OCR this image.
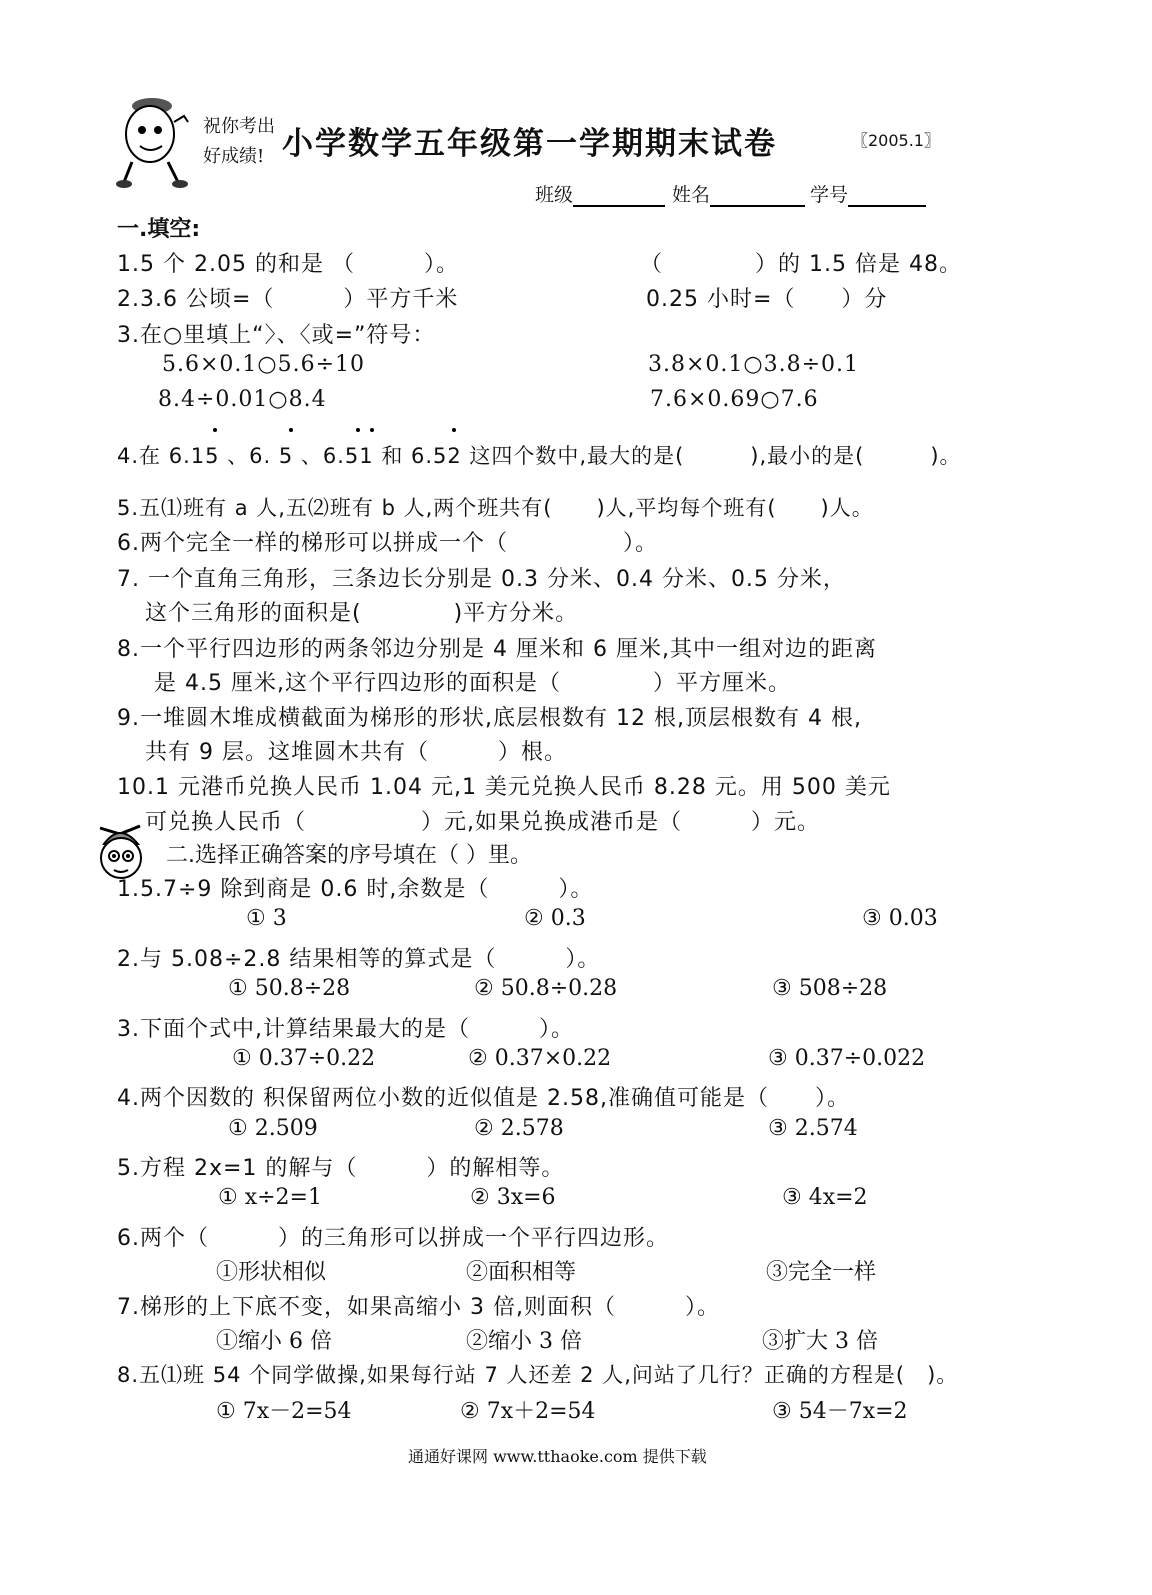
祝你考出
好成绩! 小学数学五年级第一学期期末试卷	〖2005.1〗
班级	姓名	学号
一.填空:
1.5 个 2.05 的和是 （　　　）。	（　　　　）的 1.5 倍是 48。
2.3.6 公顷=（　　　）平方千米	0.25 小时=（　　）分
3.在○里填上“〉、〈或=”符号：
5.6×0.1○5.6÷10	3.8×0.1○3.8÷0.1
8.4÷0.01○8.4	7.6×0.69○7.6
4.在 6.15 、6. 5 、6.51 和 6.52 这四个数中,最大的是(　　　),最小的是(　　　)。
5.五⑴班有 a 人,五⑵班有 b 人,两个班共有(　　)人,平均每个班有(　　)人。
6.两个完全一样的梯形可以拼成一个（　　　　　）。
7. 一个直角三角形，三条边长分别是 0.3 分米、0.4 分米、0.5 分米，
这个三角形的面积是(　　　　)平方分米。
8.一个平行四边形的两条邻边分别是 4 厘米和 6 厘米,其中一组对边的距离
是 4.5 厘米,这个平行四边形的面积是（　　　　）平方厘米。
9.一堆圆木堆成横截面为梯形的形状,底层根数有 12 根,顶层根数有 4 根,
共有 9 层。这堆圆木共有（　　　）根。
10.1 元港币兑换人民币 1.04 元,1 美元兑换人民币 8.28 元。用 500 美元
可兑换人民币（　　　　　）元,如果兑换成港币是（　　　）元。
二.选择正确答案的序号填在（ ）里。
1.5.7÷9 除到商是 0.6 时,余数是（　　　）。
① 3	② 0.3	③ 0.03
2.与 5.08÷2.8 结果相等的算式是（　　　）。
① 50.8÷28	② 50.8÷0.28	③ 508÷28
3.下面个式中,计算结果最大的是（　　　）。
① 0.37÷0.22	② 0.37×0.22	③ 0.37÷0.022
4.两个因数的 积保留两位小数的近似值是 2.58,准确值可能是（　　）。
① 2.509	② 2.578	③ 2.574
5.方程 2x=1 的解与（　　　）的解相等。
① x÷2=1	② 3x=6	③ 4x=2
6.两个（　　　）的三角形可以拼成一个平行四边形。
①形状相似	②面积相等	③完全一样
7.梯形的上下底不变，如果高缩小 3 倍,则面积（　　　）。
①缩小 6 倍	②缩小 3 倍	③扩大 3 倍
8.五⑴班 54 个同学做操,如果每行站 7 人还差 2 人,问站了几行？正确的方程是(　)。
① 7x－2=54	② 7x＋2=54	③ 54－7x=2
通通好课网 www.tthaoke.com 提供下载
